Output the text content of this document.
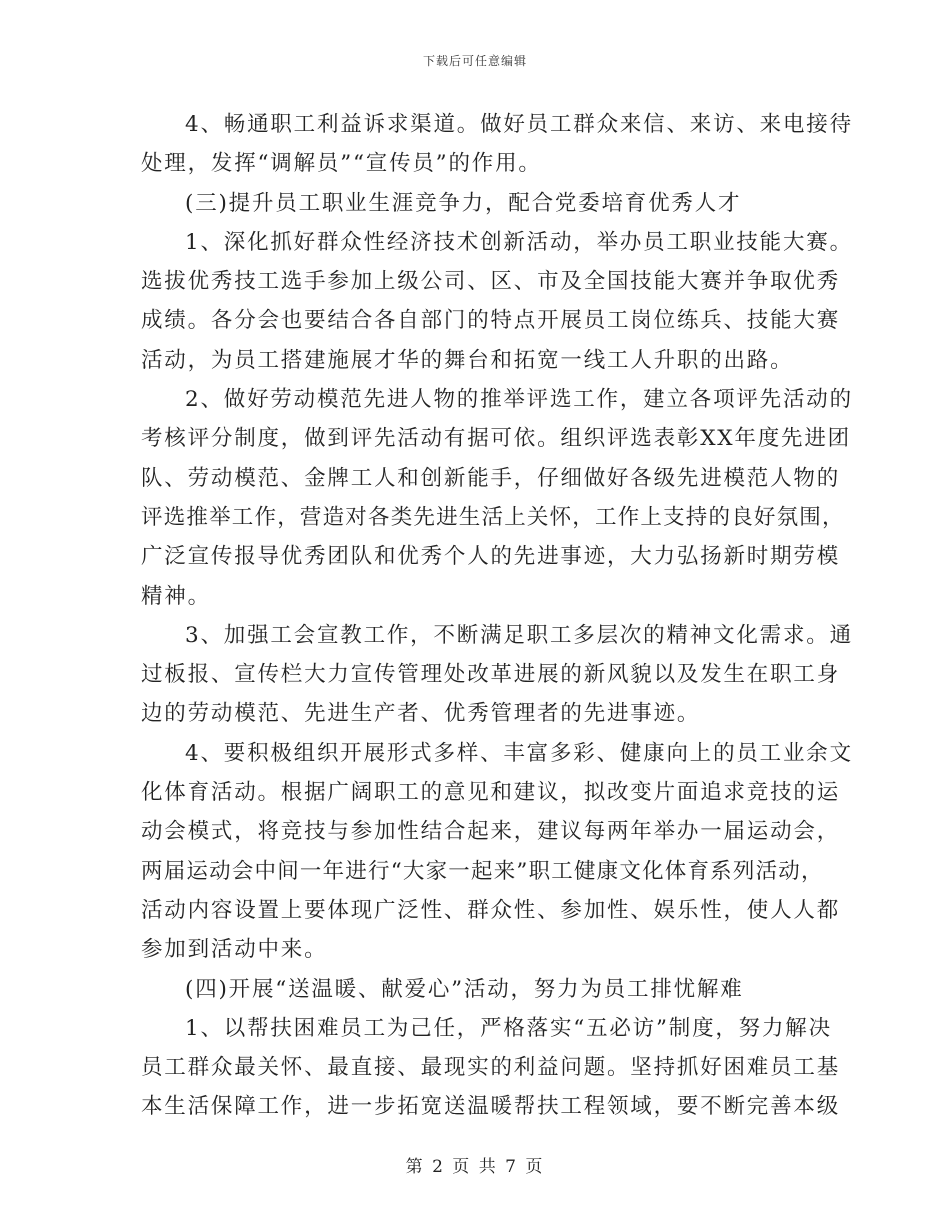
下载后可任意编辑
4、畅通职工利益诉求渠道。做好员工群众来信、来访、来电接待
处理，发挥“调解员”“宣传员”的作用。
(三)提升员工职业生涯竞争力，配合党委培育优秀人才
1、深化抓好群众性经济技术创新活动，举办员工职业技能大赛。
选拔优秀技工选手参加上级公司、区、市及全国技能大赛并争取优秀
成绩。各分会也要结合各自部门的特点开展员工岗位练兵、技能大赛
活动，为员工搭建施展才华的舞台和拓宽一线工人升职的出路。
2、做好劳动模范先进人物的推举评选工作，建立各项评先活动的
考核评分制度，做到评先活动有据可依。组织评选表彰XX年度先进团
队、劳动模范、金牌工人和创新能手，仔细做好各级先进模范人物的
评选推举工作，营造对各类先进生活上关怀，工作上支持的良好氛围，
广泛宣传报导优秀团队和优秀个人的先进事迹，大力弘扬新时期劳模
精神。
3、加强工会宣教工作，不断满足职工多层次的精神文化需求。通
过板报、宣传栏大力宣传管理处改革进展的新风貌以及发生在职工身
边的劳动模范、先进生产者、优秀管理者的先进事迹。
4、要积极组织开展形式多样、丰富多彩、健康向上的员工业余文
化体育活动。根据广阔职工的意见和建议，拟改变片面追求竞技的运
动会模式，将竞技与参加性结合起来，建议每两年举办一届运动会，
两届运动会中间一年进行“大家一起来”职工健康文化体育系列活动，
活动内容设置上要体现广泛性、群众性、参加性、娱乐性，使人人都
参加到活动中来。
(四)开展“送温暖、献爱心”活动，努力为员工排忧解难
1、以帮扶困难员工为己任，严格落实“五必访”制度，努力解决
员工群众最关怀、最直接、最现实的利益问题。坚持抓好困难员工基
本生活保障工作，进一步拓宽送温暖帮扶工程领域，要不断完善本级
第 2 页 共 7 页
